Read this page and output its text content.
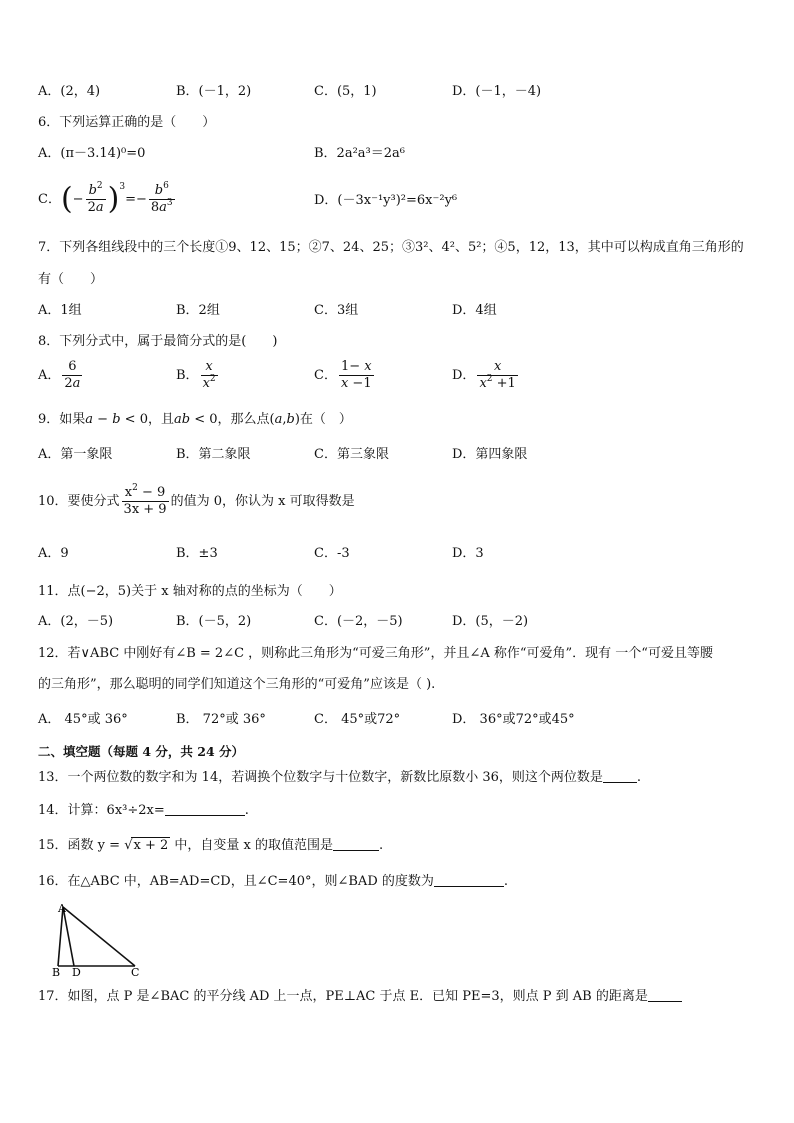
A．(2，4)	B．(－1，2)	C．(5，1)	D．(－1，－4)
6．下列运算正确的是（　　）
A．(π－3.14)⁰=0	B．2a²a³＝2a⁶
C．(− $\frac{b^2}{2a} )^3=- \frac{b^6}{8a^3}$	D．(－3x⁻¹y³)²=6x⁻²y⁶
7．下列各组线段中的三个长度①9、12、15；②7、24、25；③3²、4²、5²；④5，12，13，其中可以构成直角三角形的
有（　　）
A．1组	B．2组	C．3组	D．4组
8．下列分式中，属于最简分式的是(　　)
A． $\frac{6}{2a}$	B． $\frac{x}{x^2}$	C． $\frac{1- x}{x -1}$	D． $\frac{x}{x^2 +1}$
9．如果a − b < 0，且ab < 0，那么点(a,b)在（　）
A．第一象限	B．第二象限	C．第三象限	D．第四象限
10．要使分式 $\frac{x^2 - 9}{3x + 9}$ 的值为 0，你认为 x 可取得数是
A．9	B．±3	C．-3	D．3
11．点(−2，5)关于 x 轴对称的点的坐标为（　　）
A．(2，－5)	B．(－5，2)	C．(－2，－5)	D．(5，－2)
12．若∨ABC 中刚好有∠B = 2∠C ，则称此三角形为“可爱三角形”，并且∠A 称作“可爱角”．现有 一个“可爱且等腰
的三角形”，那么聪明的同学们知道这个三角形的“可爱角”应该是（ ).
A． 45°或 36°	B． 72°或 36°	C． 45°或72°	D． 36°或72°或45°
二、填空题（每题 4 分，共 24 分）
13．一个两位数的数字和为 14，若调换个位数字与十位数字，新数比原数小 36，则这个两位数是	.
14．计算：6x³÷2x=	.
15．函数 y = √x + 2 中，自变量 x 的取值范围是	.
16．在△ABC 中，AB=AD=CD，且∠C=40°，则∠BAD 的度数为	.
A
B D	C
17．如图，点 P 是∠BAC 的平分线 AD 上一点，PE⊥AC 于点 E．已知 PE=3，则点 P 到 AB 的距离是
